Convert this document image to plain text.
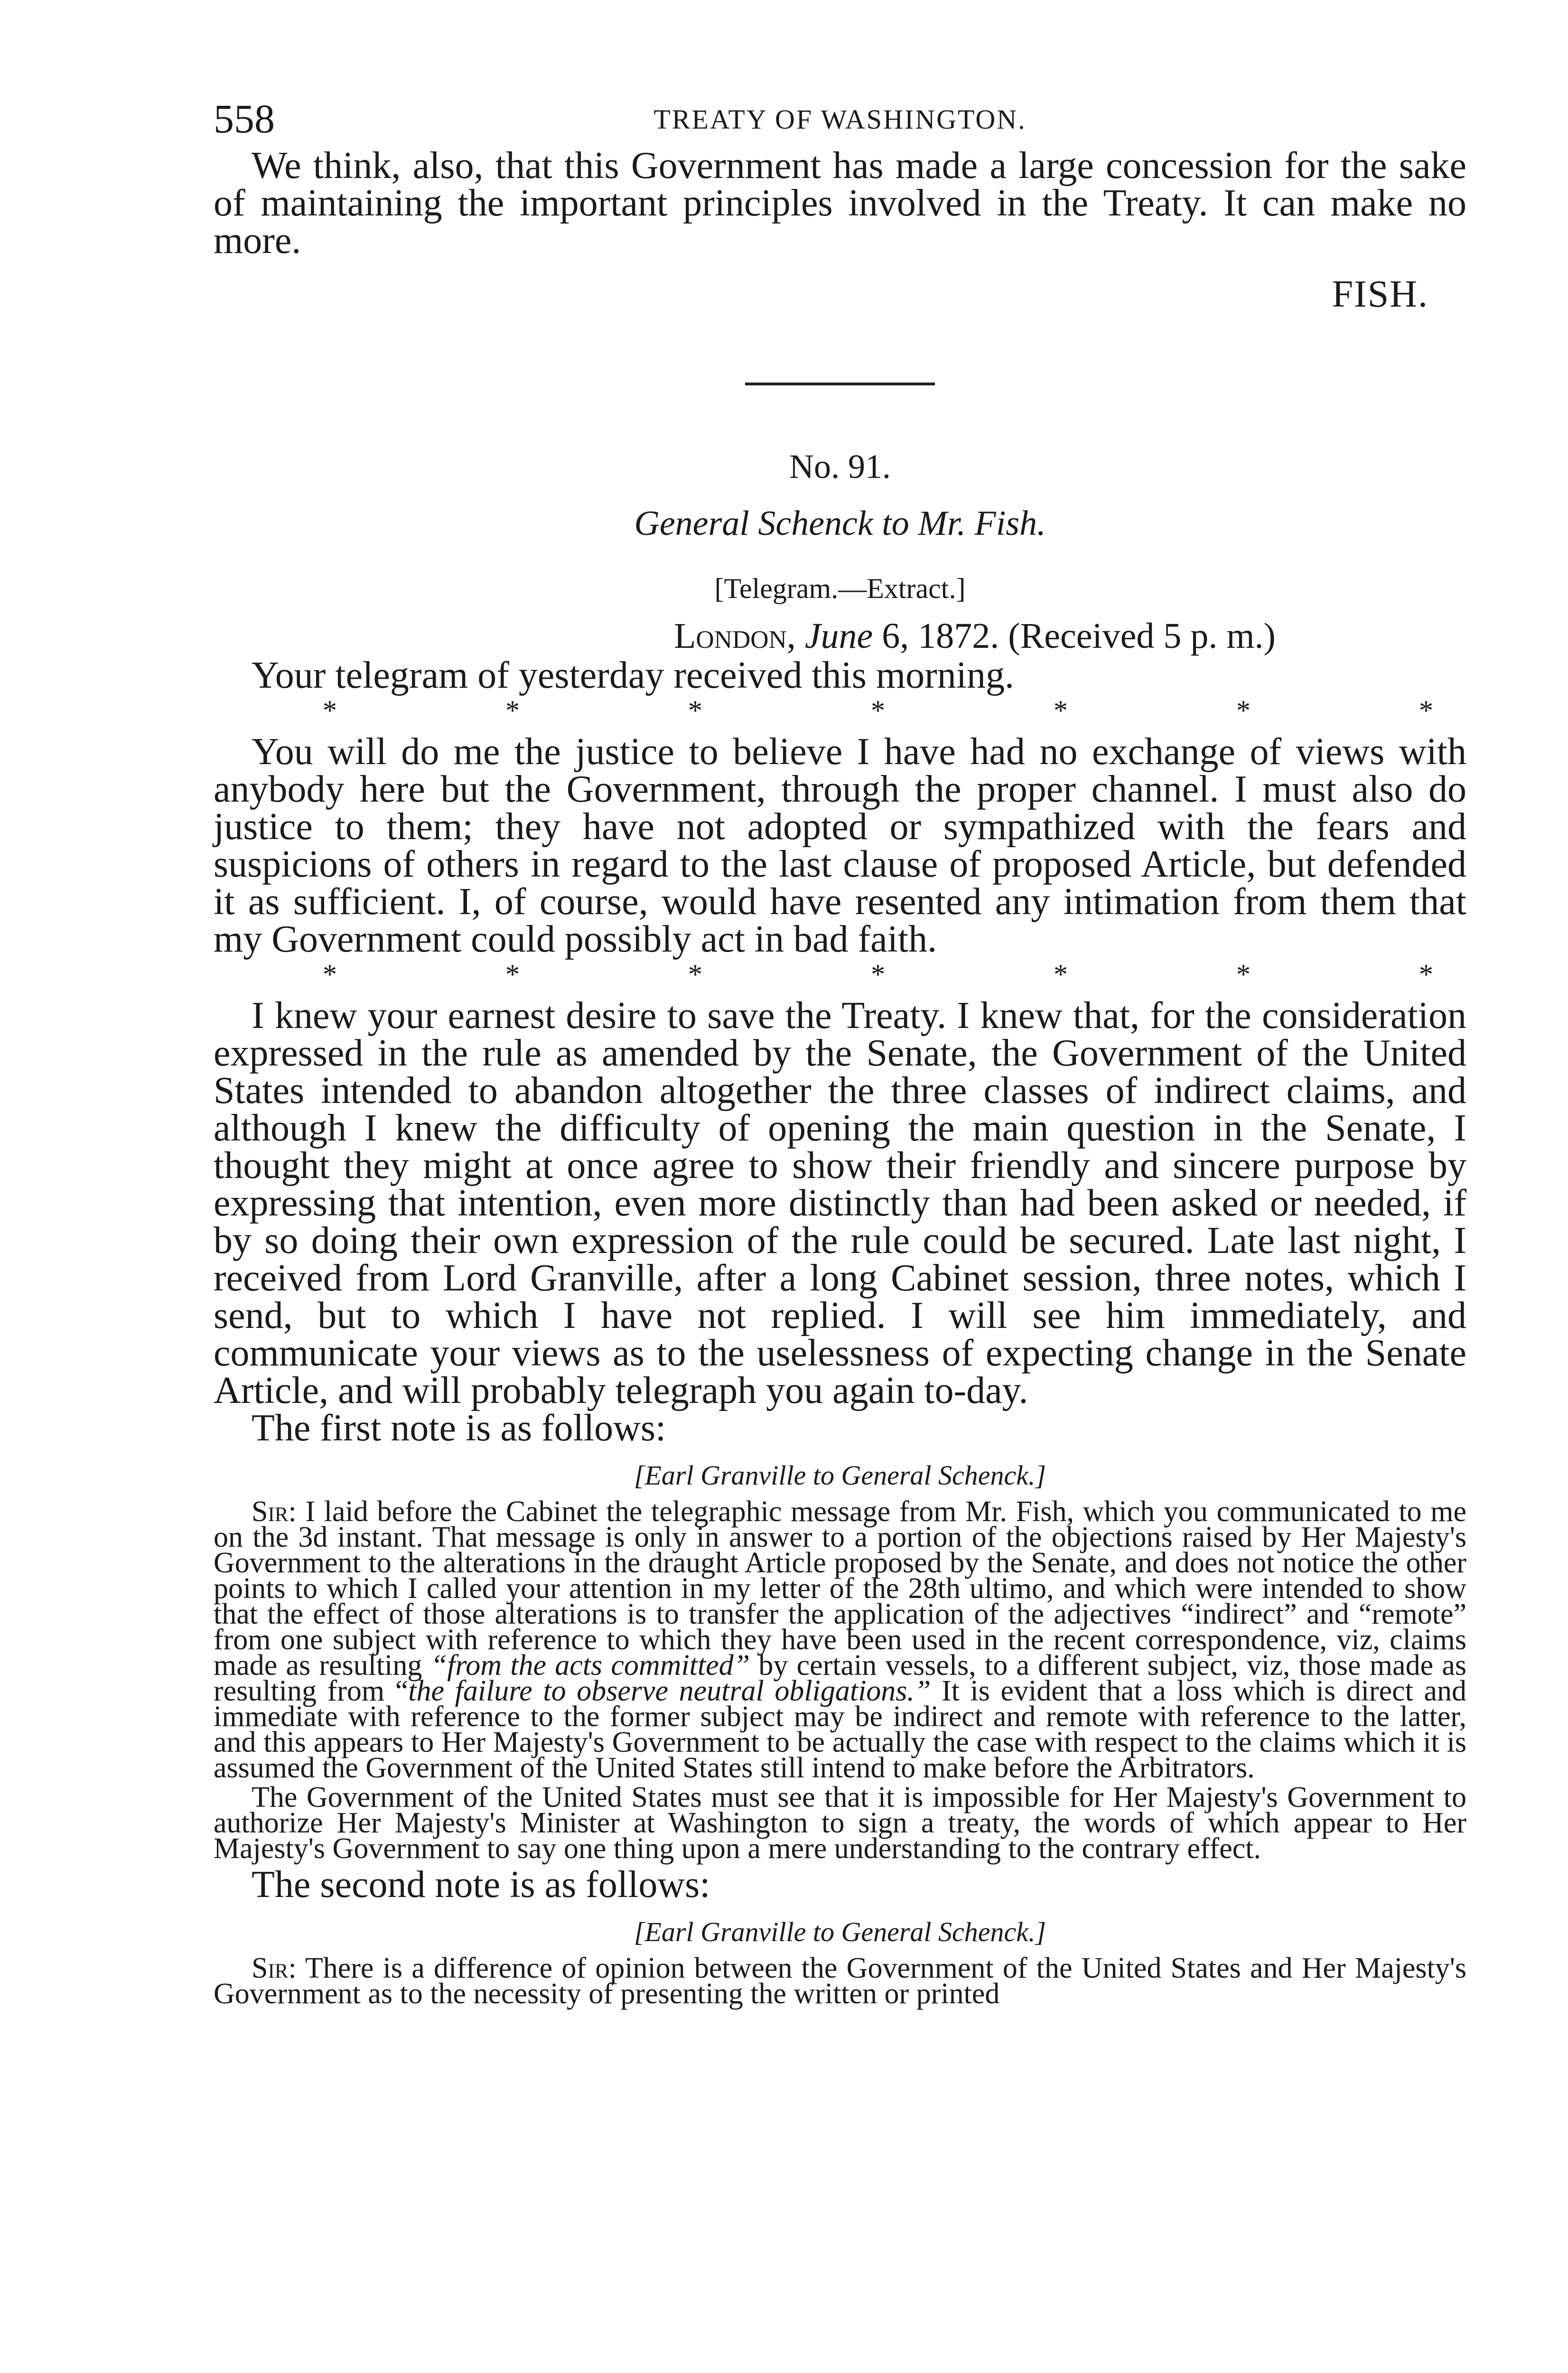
558	TREATY OF WASHINGTON.

We think, also, that this Government has made a large concession for the sake of maintaining the important principles involved in the Treaty. It can make no more.

FISH.
No. 91.
General Schenck to Mr. Fish.
[Telegram.—Extract.]
London, June 6, 1872. (Received 5 p. m.)

Your telegram of yesterday received this morning.

*	*	*	*	*	*	*

You will do me the justice to believe I have had no exchange of views with anybody here but the Government, through the proper channel. I must also do justice to them; they have not adopted or sympathized with the fears and suspicions of others in regard to the last clause of proposed Article, but defended it as sufficient. I, of course, would have resented any intimation from them that my Government could possibly act in bad faith.

*	*	*	*	*	*	*

I knew your earnest desire to save the Treaty. I knew that, for the consideration expressed in the rule as amended by the Senate, the Government of the United States intended to abandon altogether the three classes of indirect claims, and although I knew the difficulty of opening the main question in the Senate, I thought they might at once agree to show their friendly and sincere purpose by expressing that intention, even more distinctly than had been asked or needed, if by so doing their own expression of the rule could be secured. Late last night, I received from Lord Granville, after a long Cabinet session, three notes, which I send, but to which I have not replied. I will see him immediately, and communicate your views as to the uselessness of expecting change in the Senate Article, and will probably telegraph you again to-day.

The first note is as follows:

[Earl Granville to General Schenck.]

Sir: I laid before the Cabinet the telegraphic message from Mr. Fish, which you communicated to me on the 3d instant. That message is only in answer to a portion of the objections raised by Her Majesty's Government to the alterations in the draught Article proposed by the Senate, and does not notice the other points to which I called your attention in my letter of the 28th ultimo, and which were intended to show that the effect of those alterations is to transfer the application of the adjectives “indirect” and “remote” from one subject with reference to which they have been used in the recent correspondence, viz, claims made as resulting “from the acts committed” by certain vessels, to a different subject, viz, those made as resulting from “the failure to observe neutral obligations.” It is evident that a loss which is direct and immediate with reference to the former subject may be indirect and remote with reference to the latter, and this appears to Her Majesty's Government to be actually the case with respect to the claims which it is assumed the Government of the United States still intend to make before the Arbitrators.

The Government of the United States must see that it is impossible for Her Majesty's Government to authorize Her Majesty's Minister at Washington to sign a treaty, the words of which appear to Her Majesty's Government to say one thing upon a mere understanding to the contrary effect.

The second note is as follows:

[Earl Granville to General Schenck.]

Sir: There is a difference of opinion between the Government of the United States and Her Majesty's Government as to the necessity of presenting the written or printed
